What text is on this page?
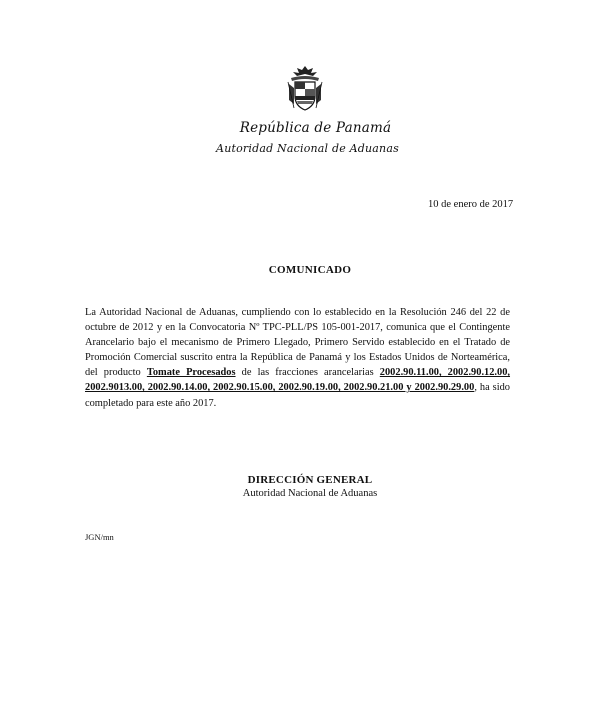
República de Panamá
Autoridad Nacional de Aduanas
10 de enero de 2017
COMUNICADO
La Autoridad Nacional de Aduanas, cumpliendo con lo establecido en la Resolución 246 del 22 de octubre de 2012 y en la Convocatoria Nº TPC-PLL/PS 105-001-2017, comunica que el Contingente Arancelario bajo el mecanismo de Primero Llegado, Primero Servido establecido en el Tratado de Promoción Comercial suscrito entra la República de Panamá y los Estados Unidos de Norteamérica, del producto Tomate Procesados de las fracciones arancelarias 2002.90.11.00, 2002.90.12.00, 2002.9013.00, 2002.90.14.00, 2002.90.15.00, 2002.90.19.00, 2002.90.21.00 y 2002.90.29.00, ha sido completado para este año 2017.
DIRECCIÓN GENERAL
Autoridad Nacional de Aduanas
JGN/mn
